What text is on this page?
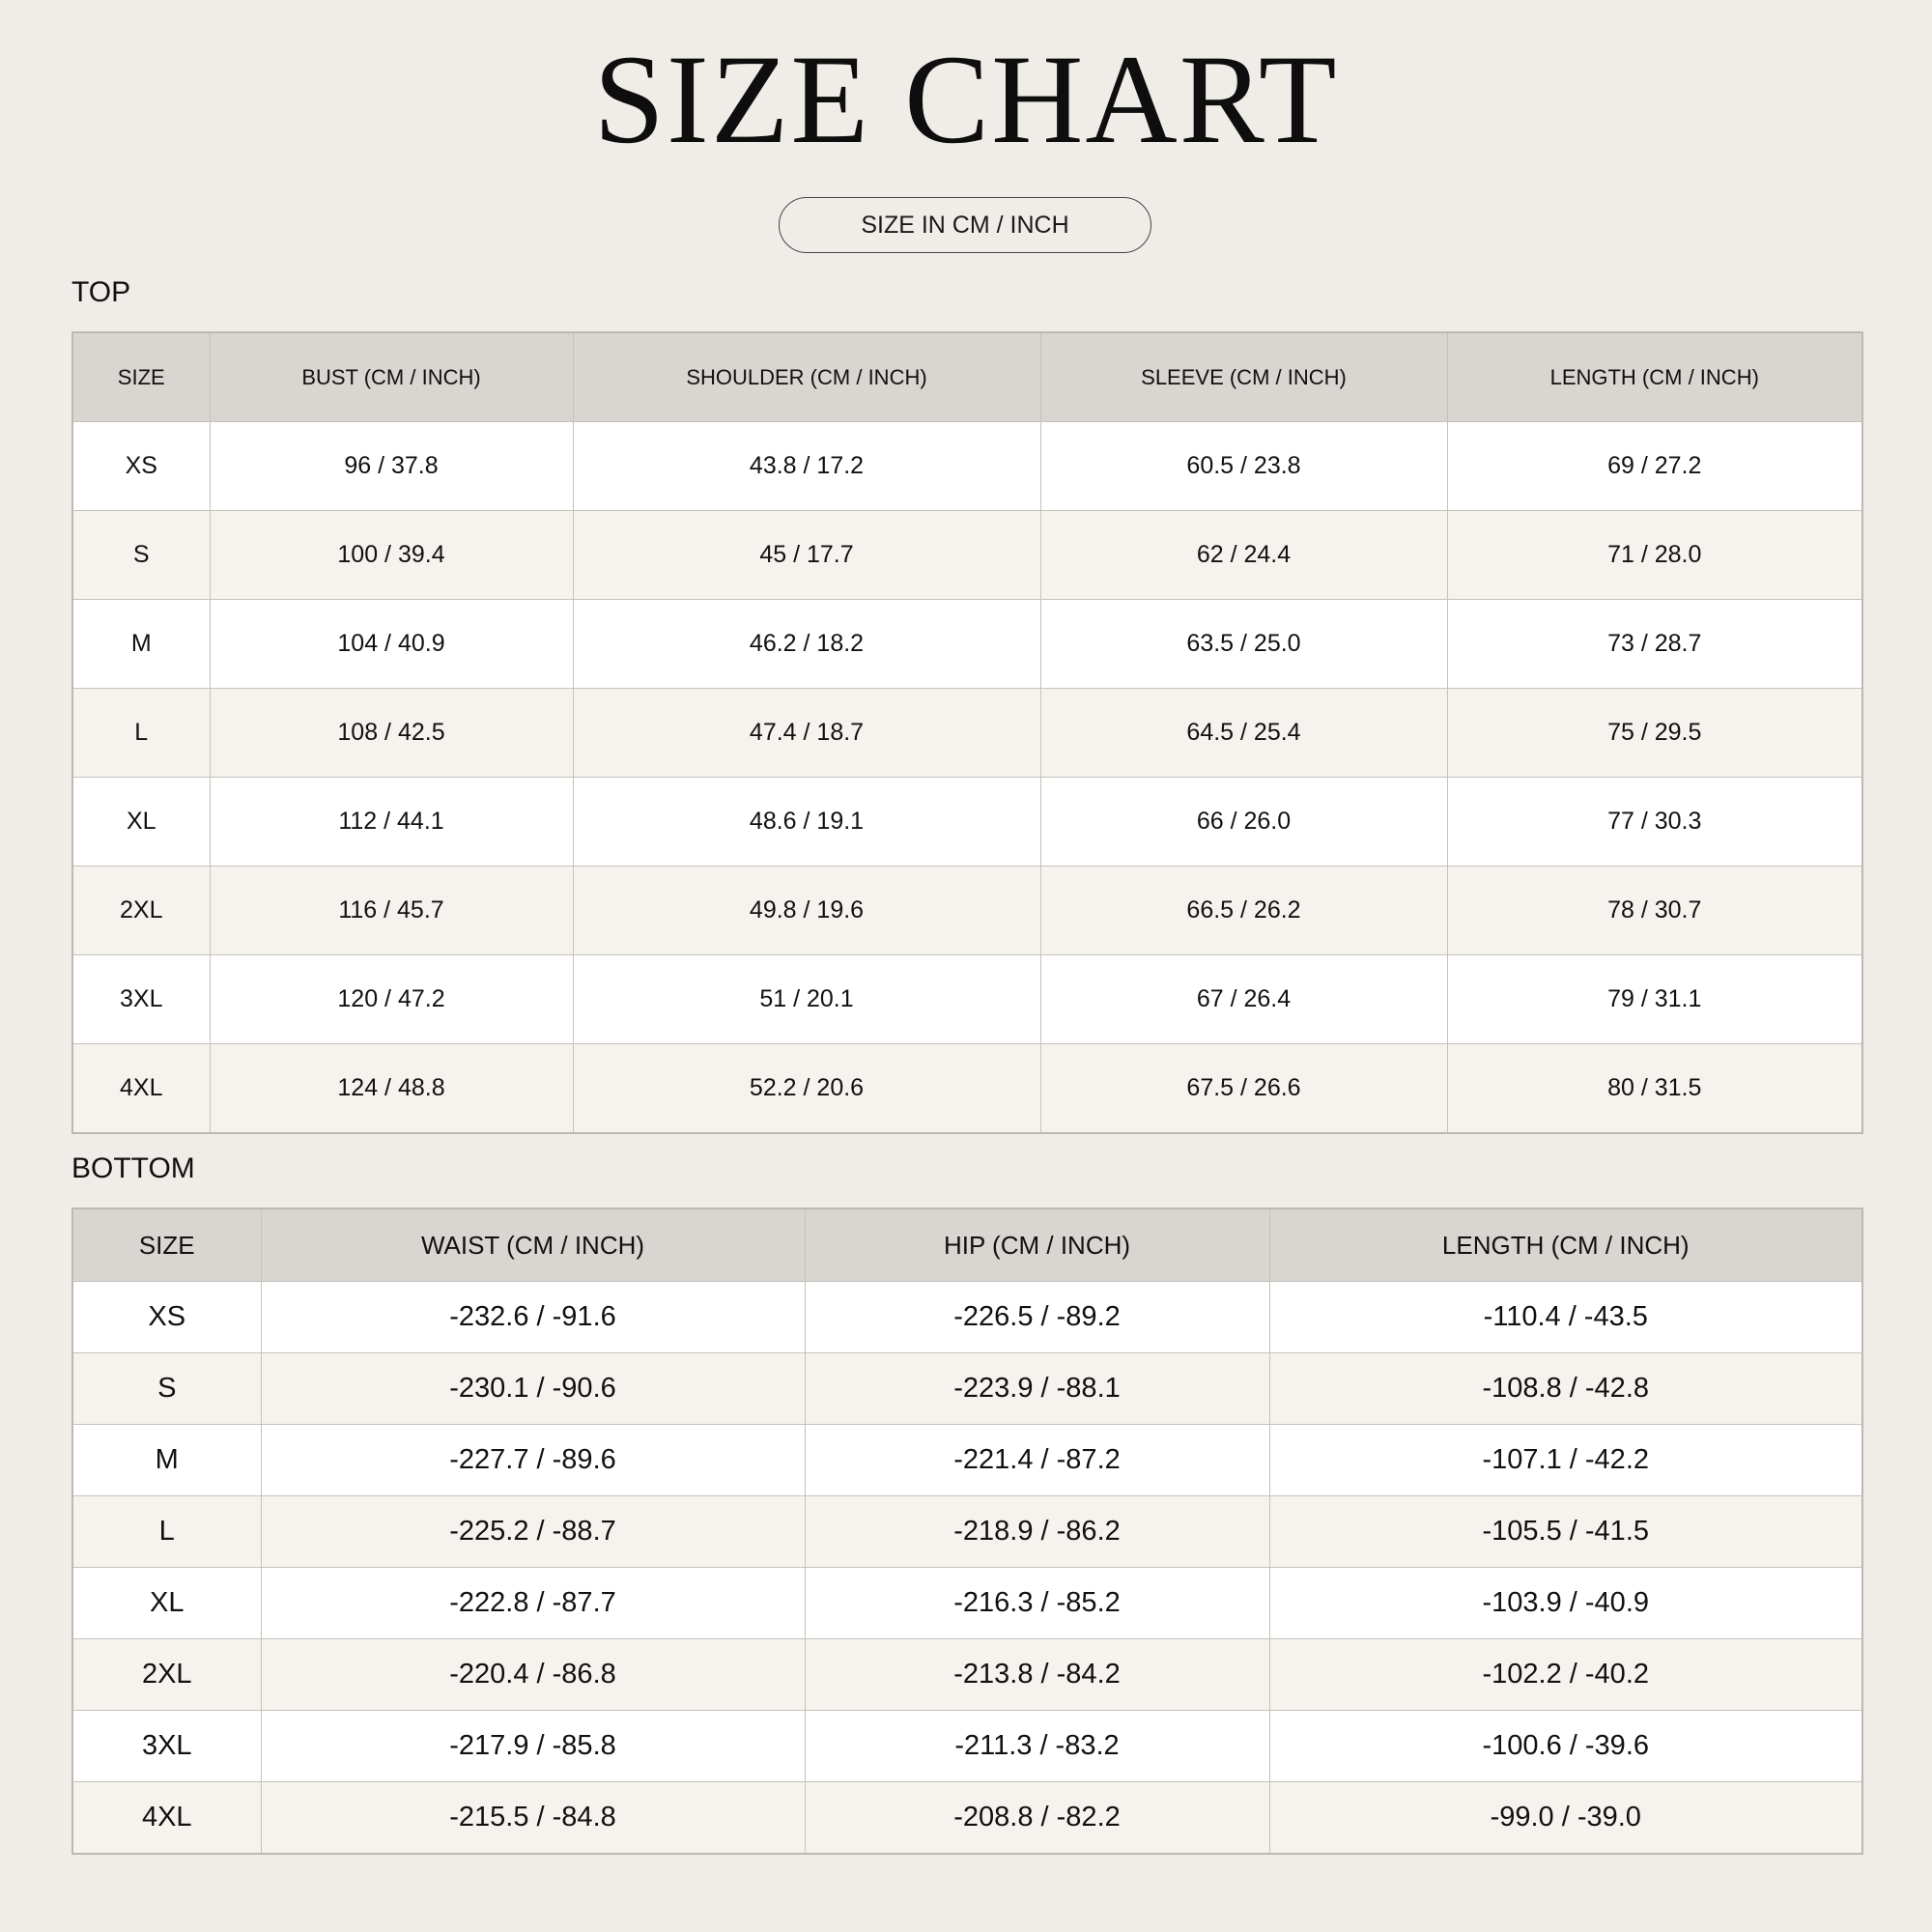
SIZE CHART
SIZE IN CM / INCH
TOP
SIZE	BUST (CM / INCH)	SHOULDER (CM / INCH)	SLEEVE (CM / INCH)	LENGTH (CM / INCH)
XS	96 / 37.8	43.8 / 17.2	60.5 / 23.8	69 / 27.2
S	100 / 39.4	45 / 17.7	62 / 24.4	71 / 28.0
M	104 / 40.9	46.2 / 18.2	63.5 / 25.0	73 / 28.7
L	108 / 42.5	47.4 / 18.7	64.5 / 25.4	75 / 29.5
XL	112 / 44.1	48.6 / 19.1	66 / 26.0	77 / 30.3
2XL	116 / 45.7	49.8 / 19.6	66.5 / 26.2	78 / 30.7
3XL	120 / 47.2	51 / 20.1	67 / 26.4	79 / 31.1
4XL	124 / 48.8	52.2 / 20.6	67.5 / 26.6	80 / 31.5
BOTTOM
SIZE	WAIST (CM / INCH)	HIP (CM / INCH)	LENGTH (CM / INCH)
XS	-232.6 / -91.6	-226.5 / -89.2	-110.4 / -43.5
S	-230.1 / -90.6	-223.9 / -88.1	-108.8 / -42.8
M	-227.7 / -89.6	-221.4 / -87.2	-107.1 / -42.2
L	-225.2 / -88.7	-218.9 / -86.2	-105.5 / -41.5
XL	-222.8 / -87.7	-216.3 / -85.2	-103.9 / -40.9
2XL	-220.4 / -86.8	-213.8 / -84.2	-102.2 / -40.2
3XL	-217.9 / -85.8	-211.3 / -83.2	-100.6 / -39.6
4XL	-215.5 / -84.8	-208.8 / -82.2	-99.0 / -39.0
